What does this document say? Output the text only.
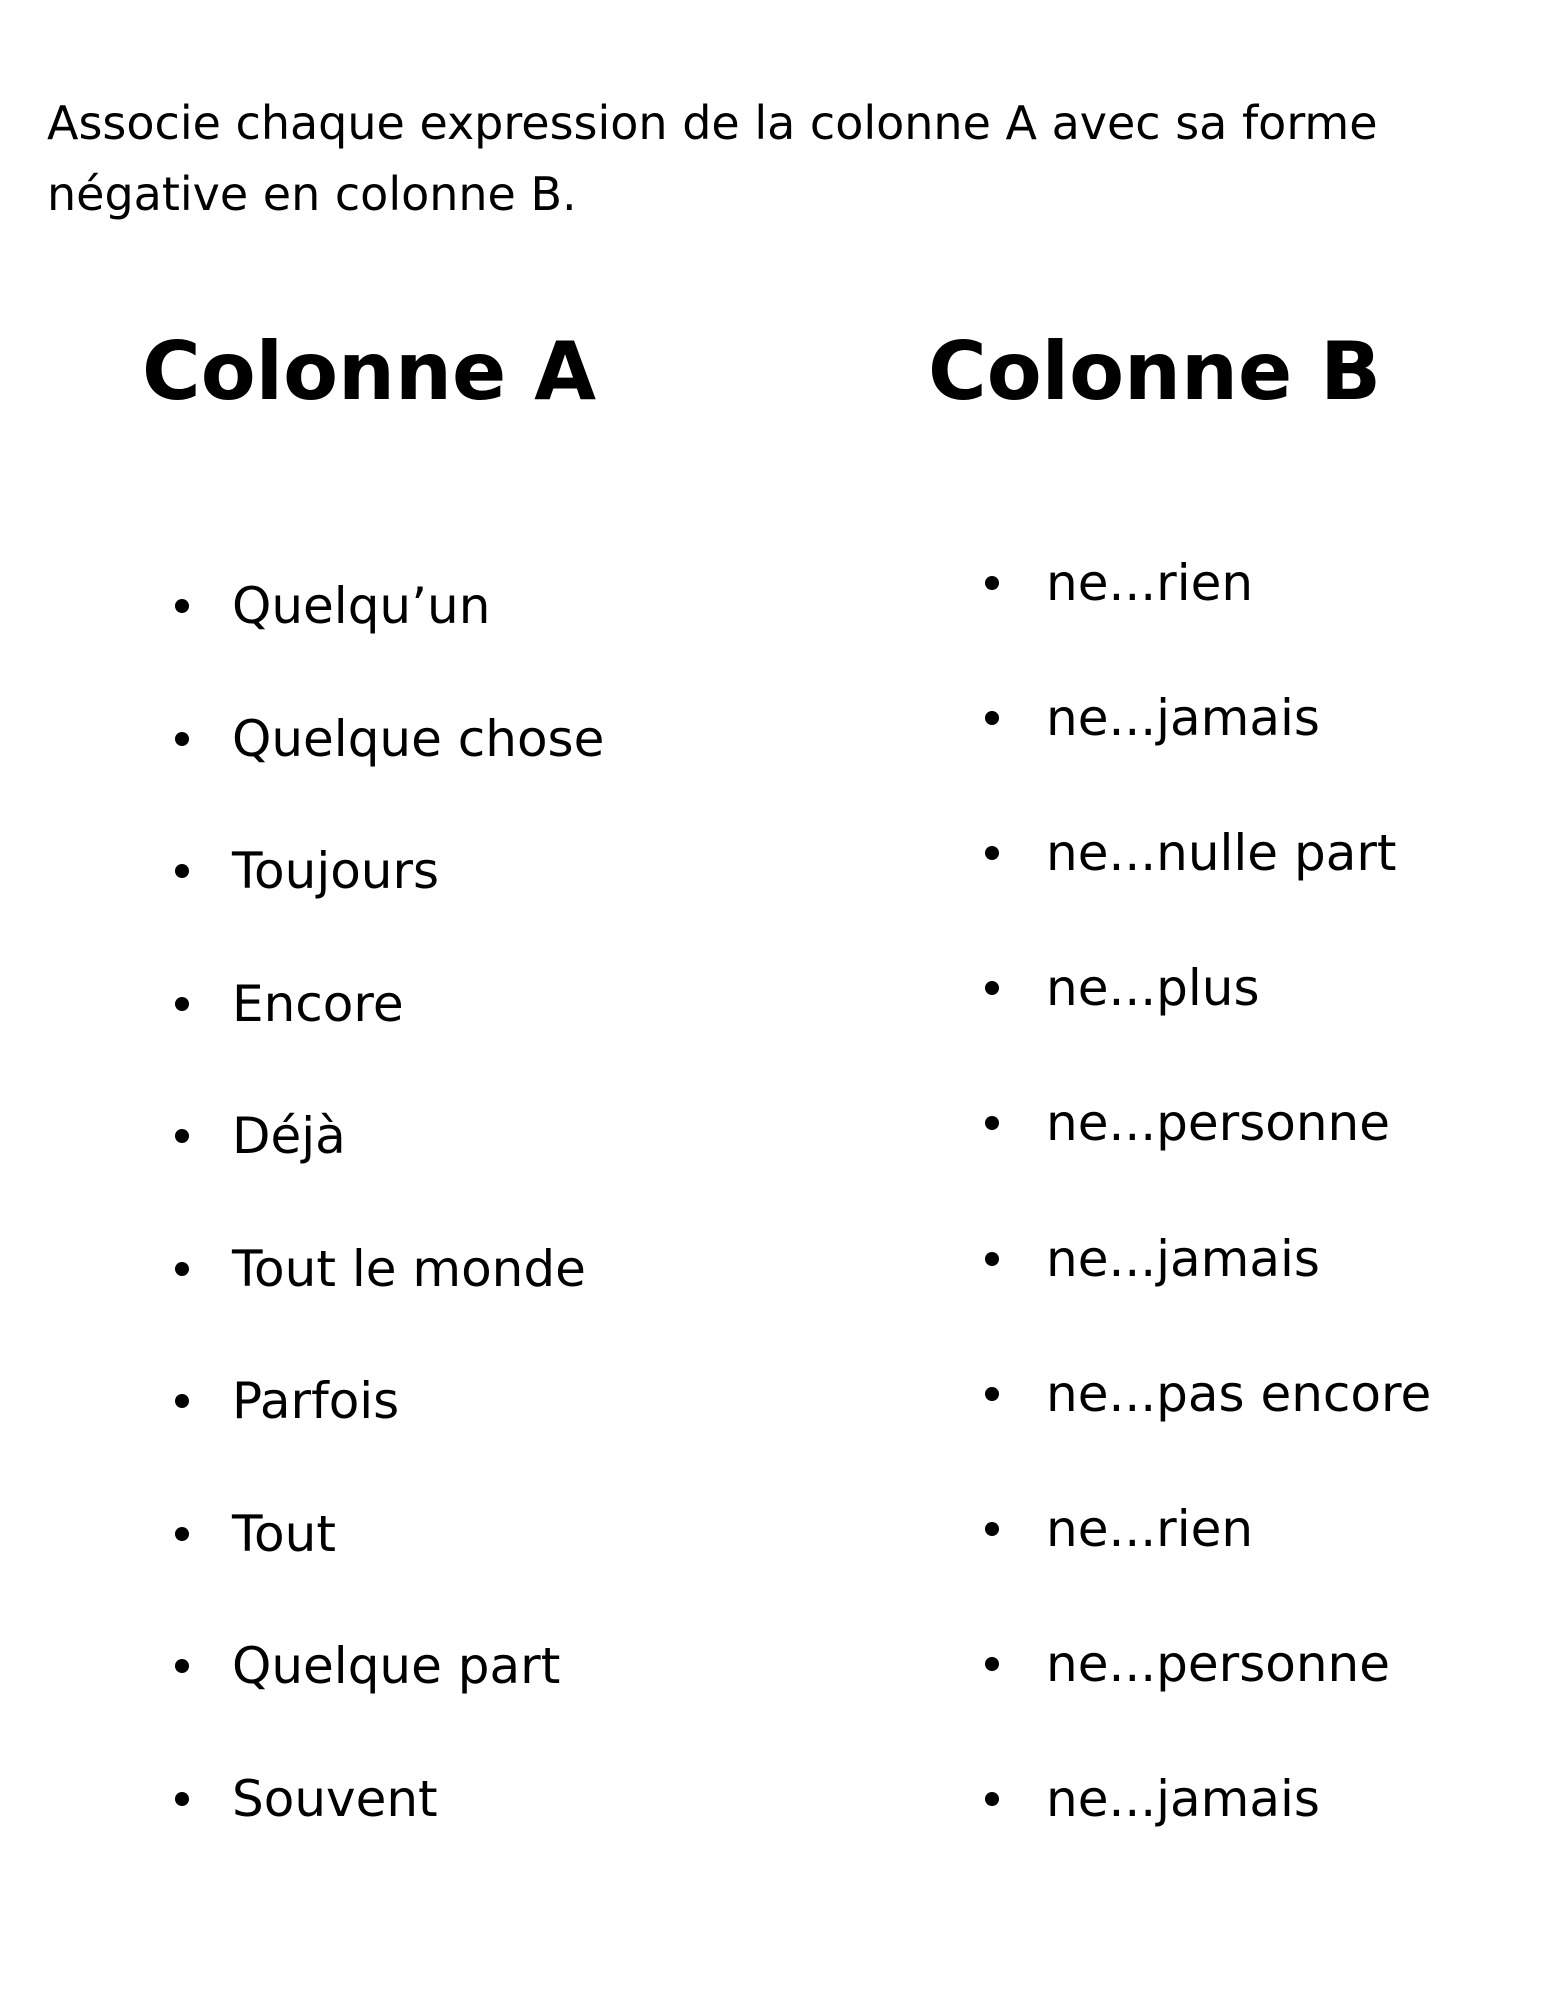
Associe chaque expression de la colonne A avec sa forme négative en colonne B.

Colonne A	Colonne B
Quelqu’un
Quelque chose
Toujours
Encore
Déjà
Tout le monde
Parfois
Tout
Quelque part
Souvent
ne...rien
ne...jamais
ne...nulle part
ne...plus
ne...personne
ne...jamais
ne...pas encore
ne...rien
ne...personne
ne...jamais
